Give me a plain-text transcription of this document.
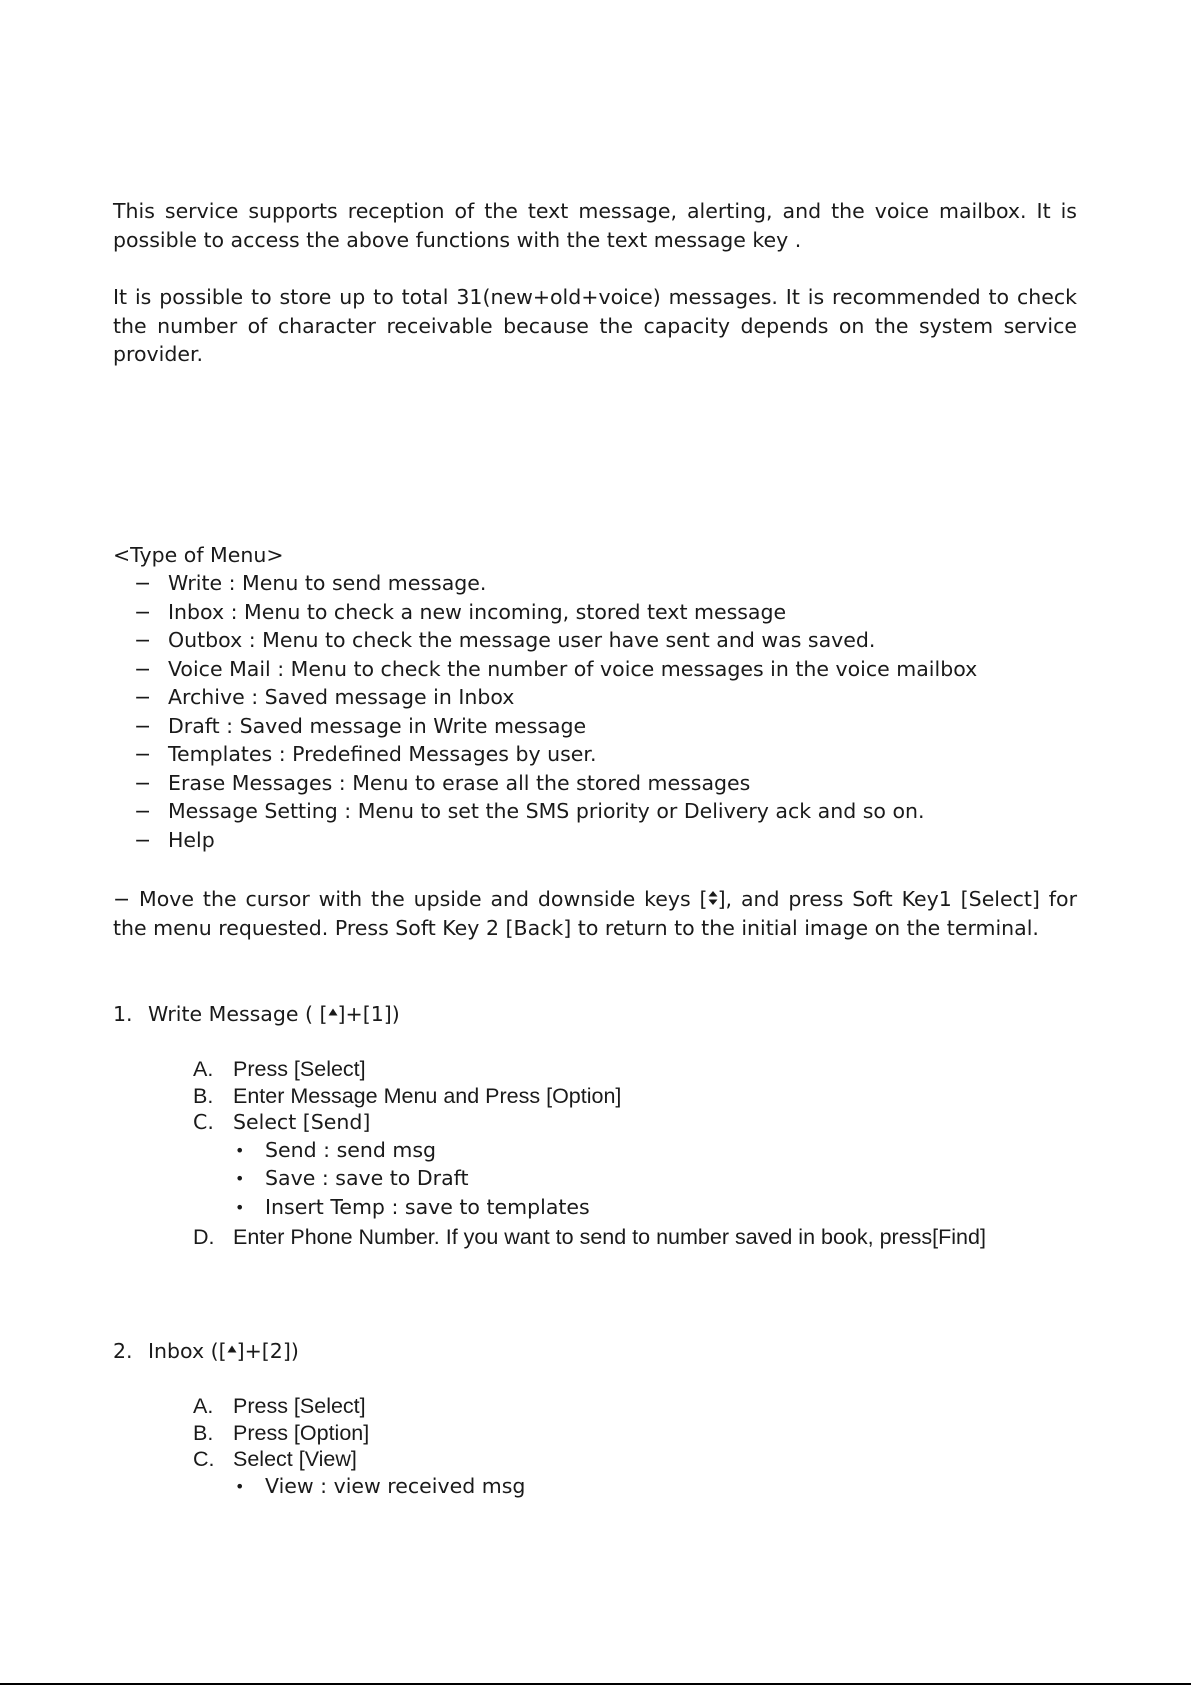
This service supports reception of the text message, alerting, and the voice mailbox. It is possible to access the above functions with the text message key .
It is possible to store up to total 31(new+old+voice) messages. It is recommended to check the number of character receivable because the capacity depends on the system service provider.
<Type of Menu>
− Write : Menu to send message.
− Inbox : Menu to check a new incoming, stored text message
− Outbox : Menu to check the message user have sent and was saved.
− Voice Mail : Menu to check the number of voice messages in the voice mailbox
− Archive : Saved message in Inbox
− Draft : Saved message in Write message
− Templates : Predefined Messages by user.
− Erase Messages : Menu to erase all the stored messages
− Message Setting : Menu to set the SMS priority or Delivery ack and so on.
− Help
− Move the cursor with the upside and downside keys [ ], and press Soft Key1 [Select] for the menu requested. Press Soft Key 2 [Back] to return to the initial image on the terminal.
1. Write Message ( [ ]+[1])
A. Press [Select]
B. Enter Message Menu and Press [Option]
C. Select [Send]
• Send : send msg
• Save : save to Draft
• Insert Temp : save to templates
D. Enter Phone Number. If you want to send to number saved in book, press[Find]
2. Inbox ([ ]+[2])
A. Press [Select]
B. Press [Option]
C. Select [View]
• View : view received msg
